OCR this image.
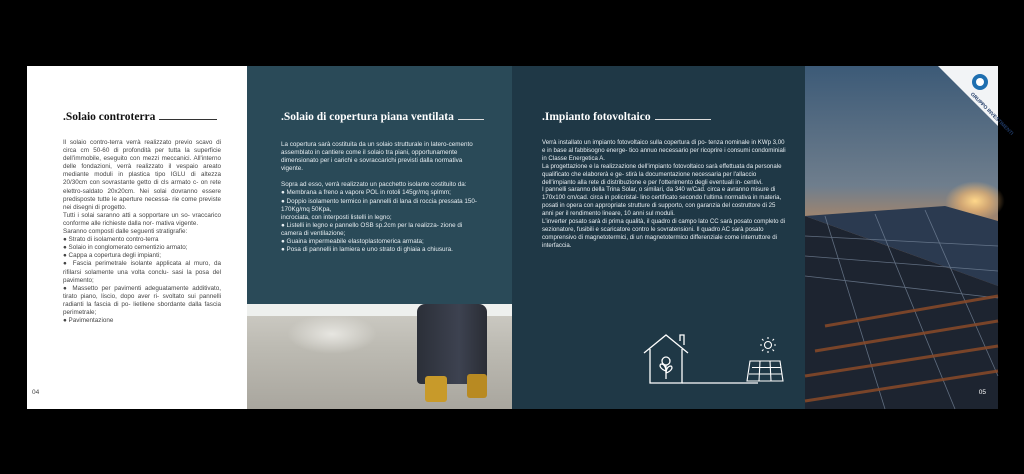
.Solaio controterra

Il solaio contro-terra verrà realizzato previo scavo di circa cm 50-60 di profondità per tutta la superficie dell'immobile, eseguito con mezzi meccanici. All'interno delle fondazioni, verrà realizzato il vespaio areato mediante moduli in plastica tipo IGLU di altezza 20/30cm con sovrastante getto di cls armato c- on rete elettro-saldato 20x20cm. Nei solai dovranno essere predisposte tutte le aperture necessa- rie come previste nei disegni di progetto.

Tutti i solai saranno atti a sopportare un so- vraccarico conforme alle richieste dalla nor- mativa vigente.

Saranno composti dalle seguenti stratigrafie:

● Strato di isolamento contro-terra

● Solaio in conglomerato cementizio armato;

● Cappa a copertura degli impianti;

● Fascia perimetrale isolante applicata al muro, da rifilarsi solamente una volta conclu- sasi la posa del pavimento;

● Massetto per pavimenti adeguatamente additivato, tirato piano, liscio, dopo aver ri- svoltato sui pannelli radianti la fascia di po- lietilene sbordante dalla fascia perimetrale;

● Pavimentazione

04
.Solaio di copertura piana ventilata

La copertura sarà costituita da un solaio strutturale in latero-cemento assemblato in cantiere come il solaio tra piani, opportunamente dimensionato per i carichi e sovraccarichi previsti dalla normativa vigente.

Sopra ad esso, verrà realizzato un pacchetto isolante costituito da:

● Membrana a freno a vapore POL in rotoli 145gr/mq splmm;

● Doppio isolamento termico in pannelli di lana di roccia pressata 150-170Kg/mq 50Kpa,

incrociata, con interposti listelli in legno;

● Listelli in legno e pannello OSB sp.2cm per la realizza- zione di camera di ventilazione;

● Guaina impermeabile elastoplastomerica armata;

● Posa di pannelli in lamiera e uno strato di ghiaia a chiusura.

.Impianto fotovoltaico

Verrà installato un impianto fotovoltaico sulla copertura di po- tenza nominale in KWp 3,00 e in base al fabbisogno energe- tico annuo necessario per ricoprire i consumi condominiali in Classe Energetica A.

La progettazione e la realizzazione dell'impianto fotovoltaico sarà effettuata da personale qualificato che elaborerà e ge- stirà la documentazione necessaria per l'allaccio dell'impianto alla rete di distribuzione e per l'ottenimento degli eventuali in- centivi.

I pannelli saranno della Trina Solar, o similari, da 340 w/Cad. circa e avranno misure di 170x100 cm/cad. circa in policristal- lino certificato secondo l'ultima normativa in materia, posati in opera con appropriate strutture di supporto, con garanzia del costruttore di 25 anni per il rendimento lineare, 10 anni sul moduli.

L'inverter posato sarà di prima qualità, il quadro di campo lato CC sarà posato completo di sezionatore, fusibili e scaricatore contro le sovratensioni. Il quadro AC sarà posato comprensivo di magnetotermici, di un magnetotermico differenziale come interruttore di interfaccia.

GRUPPO INVESTIMENTI
05
